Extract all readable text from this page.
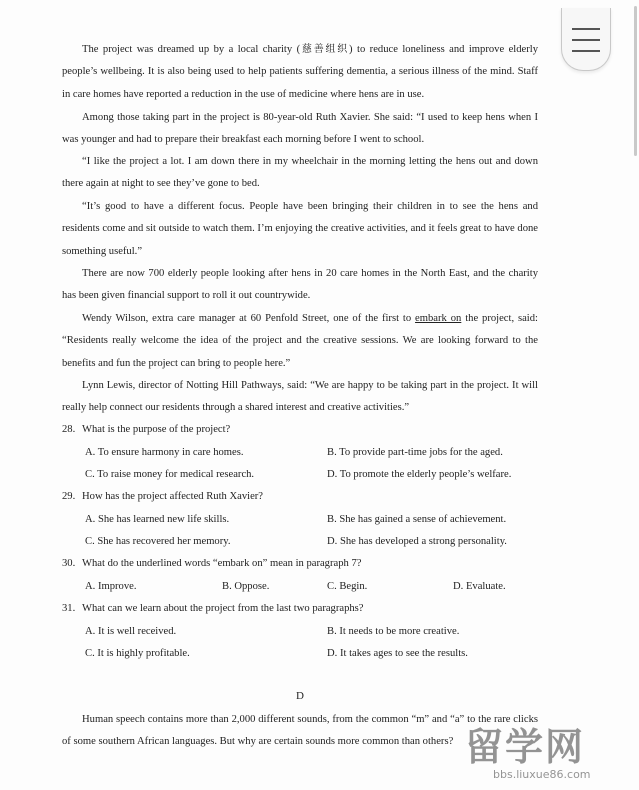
The project was dreamed up by a local charity (慈善组织) to reduce loneliness and improve elderly people’s wellbeing. It is also being used to help patients suffering dementia, a serious illness of the mind. Staff in care homes have reported a reduction in the use of medicine where hens are in use.
Among those taking part in the project is 80-year-old Ruth Xavier. She said: “I used to keep hens when I was younger and had to prepare their breakfast each morning before I went to school.
“I like the project a lot. I am down there in my wheelchair in the morning letting the hens out and down there again at night to see they’ve gone to bed.
“It’s good to have a different focus. People have been bringing their children in to see the hens and residents come and sit outside to watch them. I’m enjoying the creative activities, and it feels great to have done something useful.”
There are now 700 elderly people looking after hens in 20 care homes in the North East, and the charity has been given financial support to roll it out countrywide.
Wendy Wilson, extra care manager at 60 Penfold Street, one of the first to embark on the project, said: “Residents really welcome the idea of the project and the creative sessions. We are looking forward to the benefits and fun the project can bring to people here.”
Lynn Lewis, director of Notting Hill Pathways, said: “We are happy to be taking part in the project. It will really help connect our residents through a shared interest and creative activities.”
28. What is the purpose of the project?
A. To ensure harmony in care homes.	B. To provide part-time jobs for the aged.
C. To raise money for medical research.	D. To promote the elderly people’s welfare.
29. How has the project affected Ruth Xavier?
A. She has learned new life skills.	B. She has gained a sense of achievement.
C. She has recovered her memory.	D. She has developed a strong personality.
30. What do the underlined words “embark on” mean in paragraph 7?
A. Improve.	B. Oppose.	C. Begin.	D. Evaluate.
31. What can we learn about the project from the last two paragraphs?
A. It is well received.	B. It needs to be more creative.
C. It is highly profitable.	D. It takes ages to see the results.
D
Human speech contains more than 2,000 different sounds, from the common “m” and “a” to the rare clicks of some southern African languages. But why are certain sounds more common than others? 留学网
bbs.liuxue86.com
